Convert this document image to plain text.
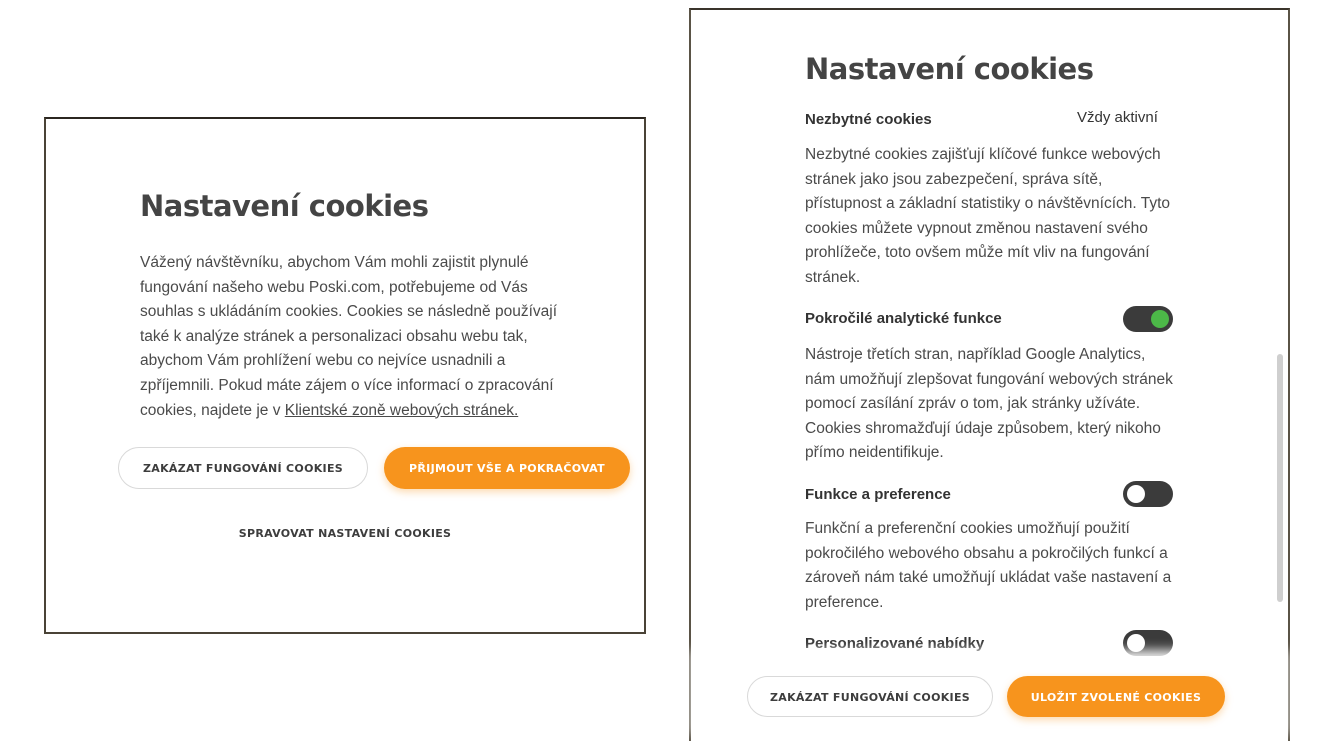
Nastavení cookies

Vážený návštěvníku, abychom Vám mohli zajistit plynulé fungování našeho webu Poski.com, potřebujeme od Vás souhlas s ukládáním cookies. Cookies se následně používají také k analýze stránek a personalizaci obsahu webu tak, abychom Vám prohlížení webu co nejvíce usnadnili a zpříjemnili. Pokud máte zájem o více informací o zpracování cookies, najdete je v Klientské zoně webových stránek.

ZAKÁZAT FUNGOVÁNÍ COOKIES	PŘIJMOUT VŠE A POKRAČOVAT
SPRAVOVAT NASTAVENÍ COOKIES
Nastavení cookies
Nezbytné cookies	Vždy aktivní

Nezbytné cookies zajišťují klíčové funkce webových stránek jako jsou zabezpečení, správa sítě, přístupnost a základní statistiky o návštěvnících. Tyto cookies můžete vypnout změnou nastavení svého prohlížeče, toto ovšem může mít vliv na fungování stránek.

Pokročilé analytické funkce

Nástroje třetích stran, například Google Analytics, nám umožňují zlepšovat fungování webových stránek pomocí zasílání zpráv o tom, jak stránky užíváte. Cookies shromažďují údaje způsobem, který nikoho přímo neidentifikuje.

Funkce a preference

Funkční a preferenční cookies umožňují použití pokročilého webového obsahu a pokročilých funkcí a zároveň nám také umožňují ukládat vaše nastavení a preference.

Personalizované nabídky
ZAKÁZAT FUNGOVÁNÍ COOKIES	ULOŽIT ZVOLENÉ COOKIES
